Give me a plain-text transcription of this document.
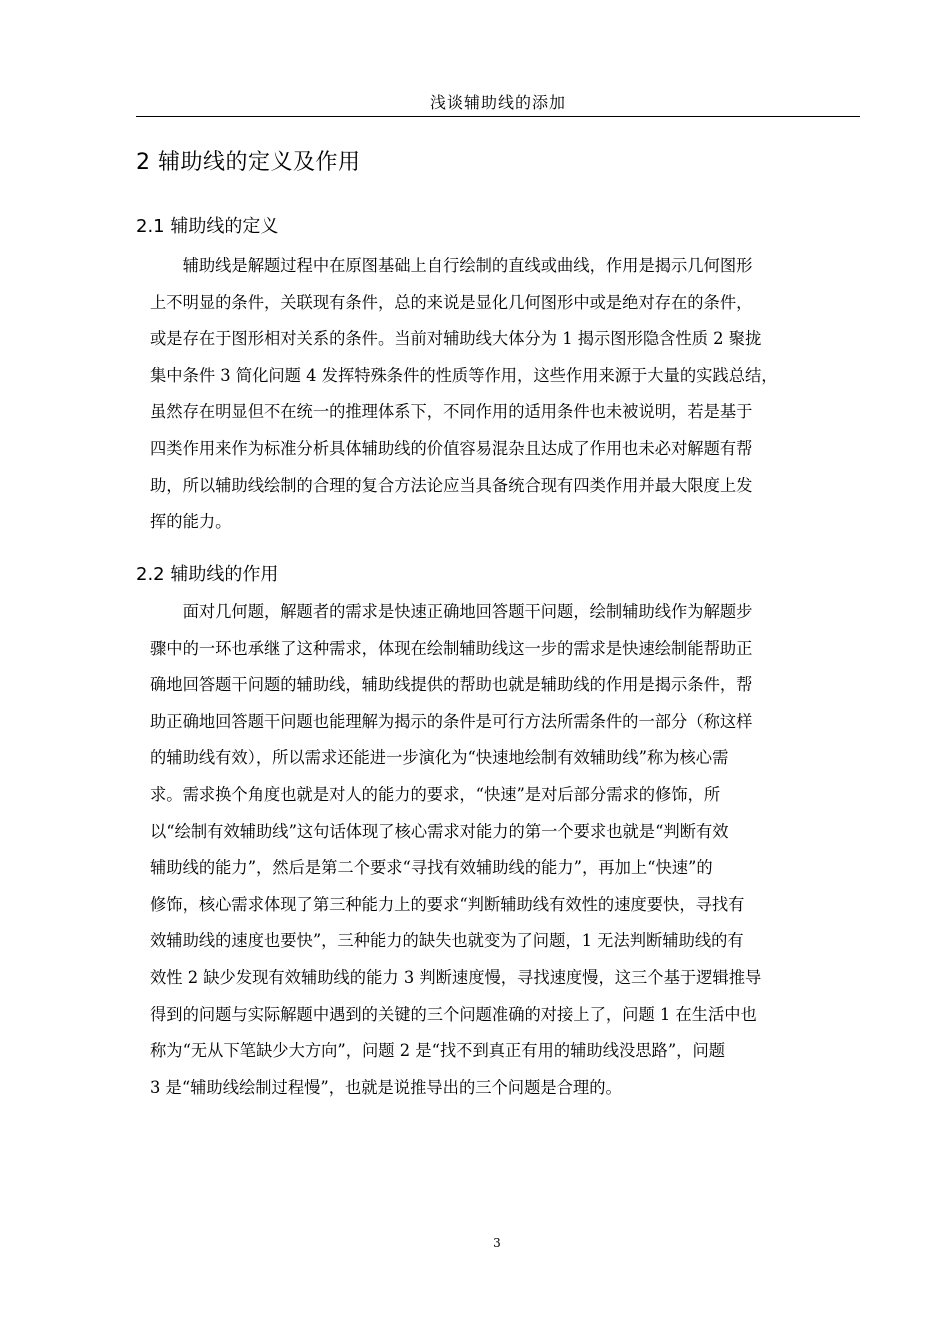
浅谈辅助线的添加
2 辅助线的定义及作用
2.1 辅助线的定义
　　辅助线是解题过程中在原图基础上自行绘制的直线或曲线，作用是揭示几何图形
上不明显的条件，关联现有条件，总的来说是显化几何图形中或是绝对存在的条件，
或是存在于图形相对关系的条件。当前对辅助线大体分为 1 揭示图形隐含性质 2 聚拢
集中条件 3 简化问题 4 发挥特殊条件的性质等作用，这些作用来源于大量的实践总结，
虽然存在明显但不在统一的推理体系下，不同作用的适用条件也未被说明，若是基于
四类作用来作为标准分析具体辅助线的价值容易混杂且达成了作用也未必对解题有帮
助，所以辅助线绘制的合理的复合方法论应当具备统合现有四类作用并最大限度上发
挥的能力。
2.2 辅助线的作用
　　面对几何题，解题者的需求是快速正确地回答题干问题，绘制辅助线作为解题步
骤中的一环也承继了这种需求，体现在绘制辅助线这一步的需求是快速绘制能帮助正
确地回答题干问题的辅助线，辅助线提供的帮助也就是辅助线的作用是揭示条件，帮
助正确地回答题干问题也能理解为揭示的条件是可行方法所需条件的一部分（称这样
的辅助线有效），所以需求还能进一步演化为“快速地绘制有效辅助线”称为核心需
求。需求换个角度也就是对人的能力的要求，“快速”是对后部分需求的修饰，所
以“绘制有效辅助线”这句话体现了核心需求对能力的第一个要求也就是“判断有效
辅助线的能力”，然后是第二个要求“寻找有效辅助线的能力”，再加上“快速”的
修饰，核心需求体现了第三种能力上的要求“判断辅助线有效性的速度要快，寻找有
效辅助线的速度也要快”，三种能力的缺失也就变为了问题，1 无法判断辅助线的有
效性 2 缺少发现有效辅助线的能力 3 判断速度慢，寻找速度慢，这三个基于逻辑推导
得到的问题与实际解题中遇到的关键的三个问题准确的对接上了，问题 1 在生活中也
称为“无从下笔缺少大方向”，问题 2 是“找不到真正有用的辅助线没思路”，问题
3 是“辅助线绘制过程慢”，也就是说推导出的三个问题是合理的。
3
